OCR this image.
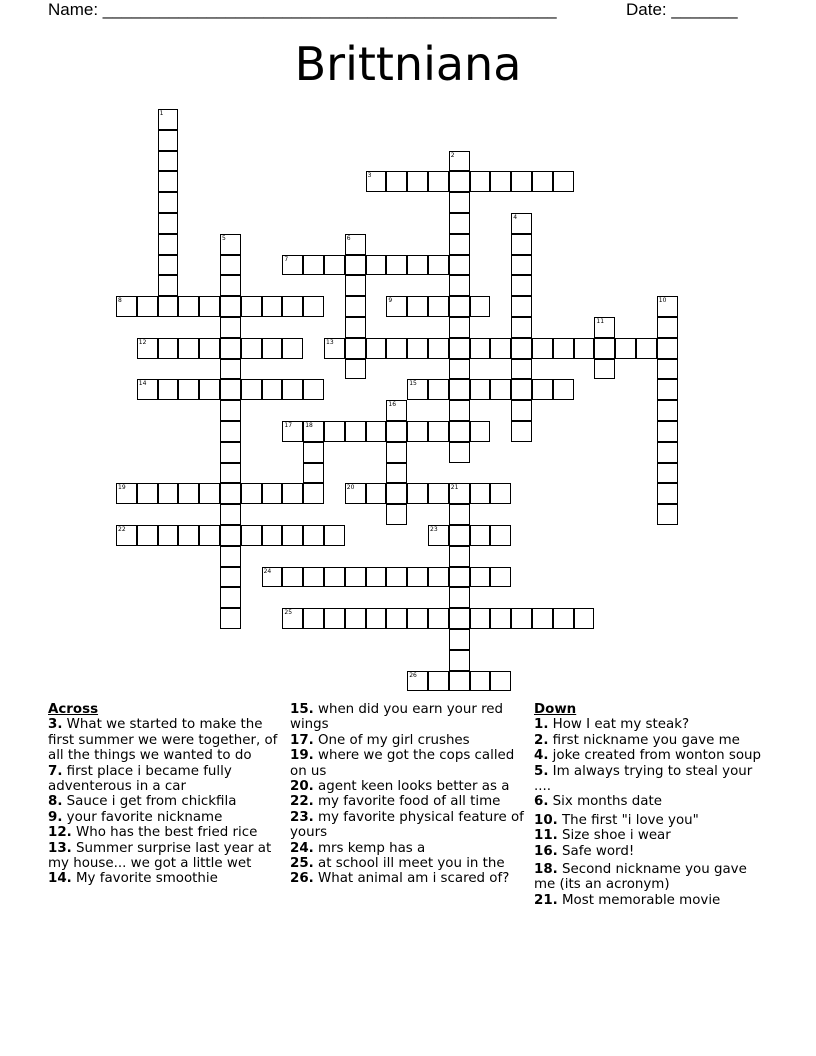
Name: ________________________________________________	Date: _______
Brittniana
1
2
3
4
5	6
7
8	9	10
11
12	13
14	15
16
17 18
19	20	21
22	23
24
25
26
Across
3. What we started to make the first summer we were together, of all the things we wanted to do
7. first place i became fully adventerous in a car
8. Sauce i get from chickfila
9. your favorite nickname
12. Who has the best fried rice
13. Summer surprise last year at my house... we got a little wet
14. My favorite smoothie
15. when did you earn your red wings
17. One of my girl crushes
19. where we got the cops called on us
20. agent keen looks better as a
22. my favorite food of all time
23. my favorite physical feature of yours
24. mrs kemp has a
25. at school ill meet you in the
26. What animal am i scared of?
Down
1. How I eat my steak?
2. first nickname you gave me
4. joke created from wonton soup
5. Im always trying to steal your ....
6. Six months date
10. The first "i love you"
11. Size shoe i wear
16. Safe word!
18. Second nickname you gave me (its an acronym)
21. Most memorable movie
